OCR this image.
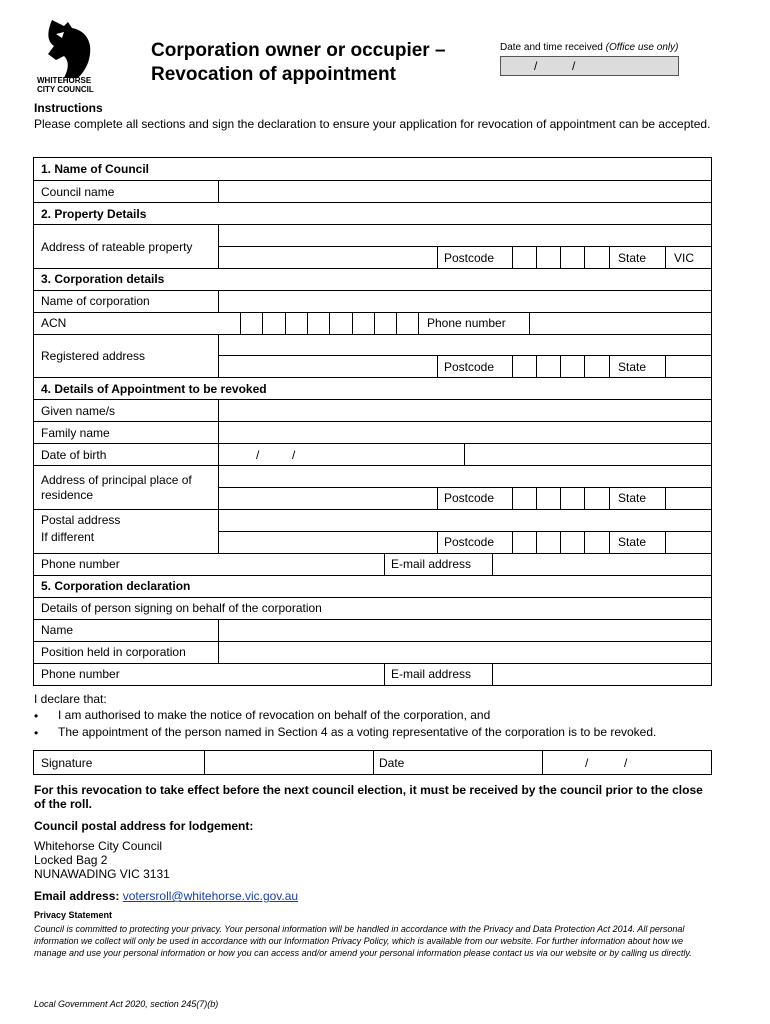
WHITEHORSE
CITY COUNCIL
Corporation owner or occupier –
Revocation of appointment
Date and time received (Office use only)
/	/
Instructions
Please complete all sections and sign the declaration to ensure your application for revocation of appointment can be accepted.
1. Name of Council
Council name
2. Property Details
Address of rateable property
Postcode	State VIC
3. Corporation details
Name of corporation
ACN	Phone number
Registered address
Postcode	State
4. Details of Appointment to be revoked
Given name/s
Family name
Date of birth	/	/
Address of principal place of
residence	Postcode	State
Postal address
If different	Postcode	State
Phone number	E-mail address
5. Corporation declaration
Details of person signing on behalf of the corporation
Name
Position held in corporation
Phone number	E-mail address
I declare that:
• I am authorised to make the notice of revocation on behalf of the corporation, and
• The appointment of the person named in Section 4 as a voting representative of the corporation is to be revoked.
Signature	Date	/	/
For this revocation to take effect before the next council election, it must be received by the council prior to the close of the roll.
Council postal address for lodgement:
Whitehorse City Council
Locked Bag 2
NUNAWADING VIC 3131
Email address: votersroll@whitehorse.vic.gov.au
Privacy Statement
Council is committed to protecting your privacy. Your personal information will be handled in accordance with the Privacy and Data Protection Act 2014. All personal information we collect will only be used in accordance with our Information Privacy Policy, which is available from our website. For further information about how we manage and use your personal information or how you can access and/or amend your personal information please contact us via our website or by calling us directly.
Local Government Act 2020, section 245(7)(b)
